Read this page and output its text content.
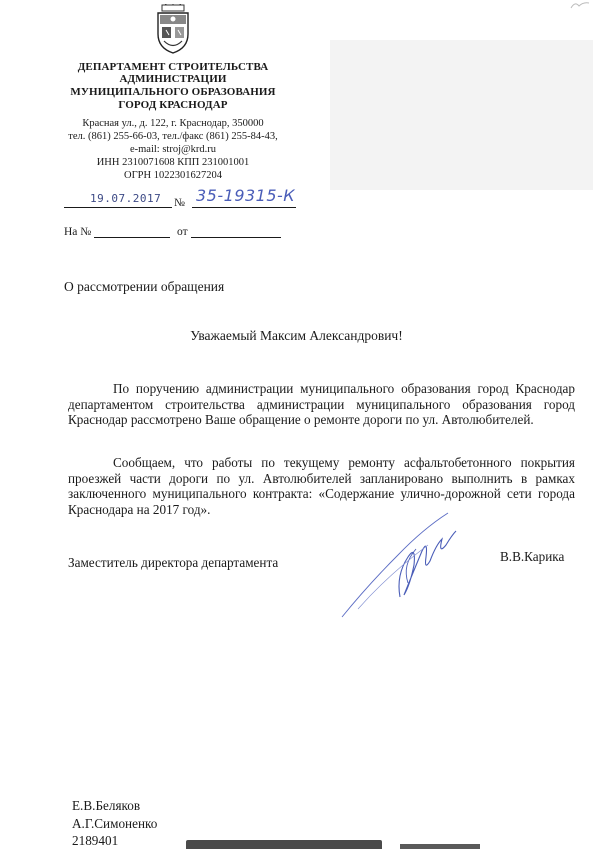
ДЕПАРТАМЕНТ СТРОИТЕЛЬСТВА
АДМИНИСТРАЦИИ
МУНИЦИПАЛЬНОГО ОБРАЗОВАНИЯ
ГОРОД КРАСНОДАР
Красная ул., д. 122, г. Краснодар, 350000
тел. (861) 255-66-03, тел./факс (861) 255-84-43,
e-mail: stroj@krd.ru
ИНН 2310071608 КПП 231001001
ОГРН 1022301627204
19.07.2017 № 35-19315-К
На №	от
О рассмотрении обращения
Уважаемый Максим Александрович!
По поручению администрации муниципального образования город Краснодар департаментом строительства администрации муниципального образования город Краснодар рассмотрено Ваше обращение о ремонте дороги по ул. Автолюбителей.
Сообщаем, что работы по текущему ремонту асфальтобетонного покрытия проезжей части дороги по ул. Автолюбителей запланировано выполнить в рамках заключенного муниципального контракта: «Содержание улично-дорожной сети города Краснодара на 2017 год».
Заместитель директора департамента	В.В.Карика
Е.В.Беляков
А.Г.Симоненко
2189401
